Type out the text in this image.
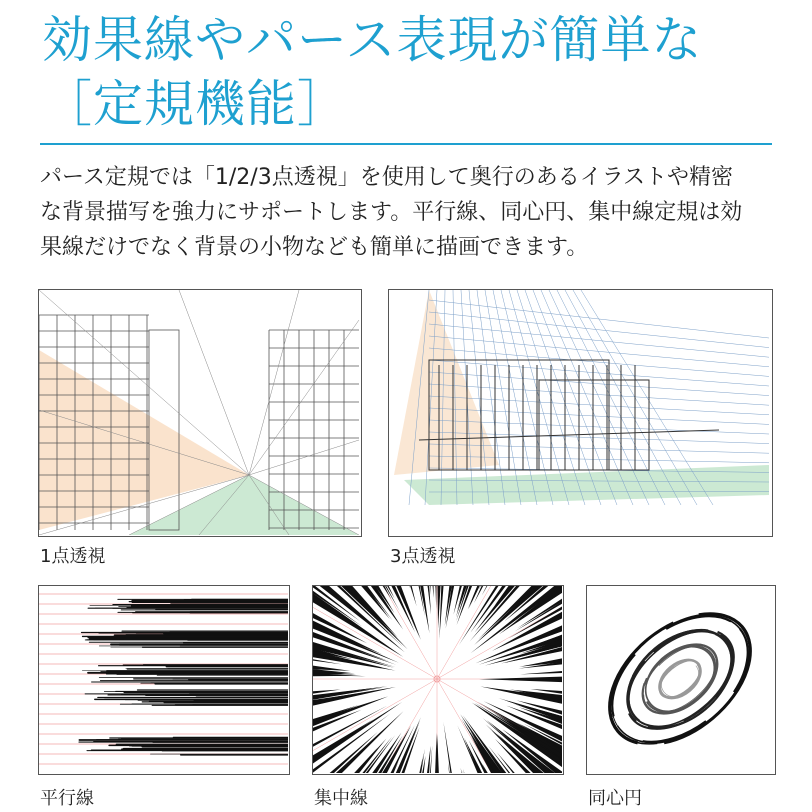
効果線やパース表現が簡単な
［定規機能］
パース定規では「1/2/3点透視」を使用して奥行のあるイラストや精密
な背景描写を強力にサポートします。平行線、同心円、集中線定規は効
果線だけでなく背景の小物なども簡単に描画できます。
1点透視	3点透視
平行線	集中線	同心円
